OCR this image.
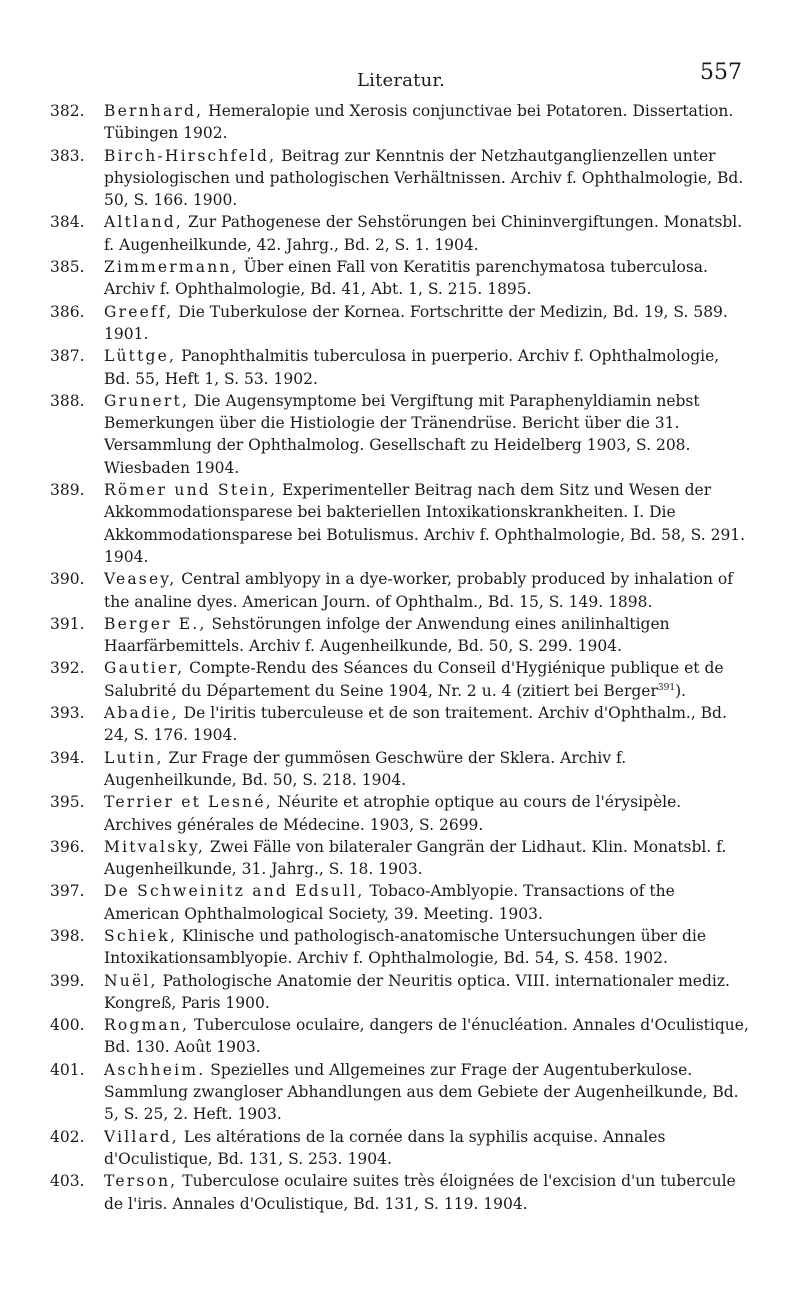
Literatur.	557
382. Bernhard, Hemeralopie und Xerosis conjunctivae bei Potatoren. Dissertation. Tübingen 1902.
383. Birch-Hirschfeld, Beitrag zur Kenntnis der Netzhautganglienzellen unter physiologischen und pathologischen Verhältnissen. Archiv f. Ophthalmologie, Bd. 50, S. 166. 1900.
384. Altland, Zur Pathogenese der Sehstörungen bei Chininvergiftungen. Monatsbl. f. Augenheilkunde, 42. Jahrg., Bd. 2, S. 1. 1904.
385. Zimmermann, Über einen Fall von Keratitis parenchymatosa tuberculosa. Archiv f. Ophthalmologie, Bd. 41, Abt. 1, S. 215. 1895.
386. Greeff, Die Tuberkulose der Kornea. Fortschritte der Medizin, Bd. 19, S. 589. 1901.
387. Lüttge, Panophthalmitis tuberculosa in puerperio. Archiv f. Ophthalmologie, Bd. 55, Heft 1, S. 53. 1902.
388. Grunert, Die Augensymptome bei Vergiftung mit Paraphenyldiamin nebst Bemerkungen über die Histiologie der Tränendrüse. Bericht über die 31. Versammlung der Ophthalmolog. Gesellschaft zu Heidelberg 1903, S. 208. Wiesbaden 1904.
389. Römer und Stein, Experimenteller Beitrag nach dem Sitz und Wesen der Akkommodationsparese bei bakteriellen Intoxikationskrankheiten. I. Die Akkommodationsparese bei Botulismus. Archiv f. Ophthalmologie, Bd. 58, S. 291. 1904.
390. Veasey, Central amblyopy in a dye-worker, probably produced by inhalation of the analine dyes. American Journ. of Ophthalm., Bd. 15, S. 149. 1898.
391. Berger E., Sehstörungen infolge der Anwendung eines anilinhaltigen Haarfärbemittels. Archiv f. Augenheilkunde, Bd. 50, S. 299. 1904.
392. Gautier, Compte-Rendu des Séances du Conseil d'Hygiénique publique et de Salubrité du Département du Seine 1904, Nr. 2 u. 4 (zitiert bei Berger$^{391}$).
393. Abadie, De l'iritis tuberculeuse et de son traitement. Archiv d'Ophthalm., Bd. 24, S. 176. 1904.
394. Lutin, Zur Frage der gummösen Geschwüre der Sklera. Archiv f. Augenheilkunde, Bd. 50, S. 218. 1904.
395. Terrier et Lesné, Néurite et atrophie optique au cours de l'érysipèle. Archives générales de Médecine. 1903, S. 2699.
396. Mitvalsky, Zwei Fälle von bilateraler Gangrän der Lidhaut. Klin. Monatsbl. f. Augenheilkunde, 31. Jahrg., S. 18. 1903.
397. De Schweinitz and Edsull, Tobaco-Amblyopie. Transactions of the American Ophthalmological Society, 39. Meeting. 1903.
398. Schiek, Klinische und pathologisch-anatomische Untersuchungen über die Intoxikationsamblyopie. Archiv f. Ophthalmologie, Bd. 54, S. 458. 1902.
399. Nuël, Pathologische Anatomie der Neuritis optica. VIII. internationaler mediz. Kongreß, Paris 1900.
400. Rogman, Tuberculose oculaire, dangers de l'énucléation. Annales d'Oculistique, Bd. 130. Août 1903.
401. Aschheim. Spezielles und Allgemeines zur Frage der Augentuberkulose. Sammlung zwangloser Abhandlungen aus dem Gebiete der Augenheilkunde, Bd. 5, S. 25, 2. Heft. 1903.
402. Villard, Les altérations de la cornée dans la syphilis acquise. Annales d'Oculistique, Bd. 131, S. 253. 1904.
403. Terson, Tuberculose oculaire suites très éloignées de l'excision d'un tubercule de l'iris. Annales d'Oculistique, Bd. 131, S. 119. 1904.
